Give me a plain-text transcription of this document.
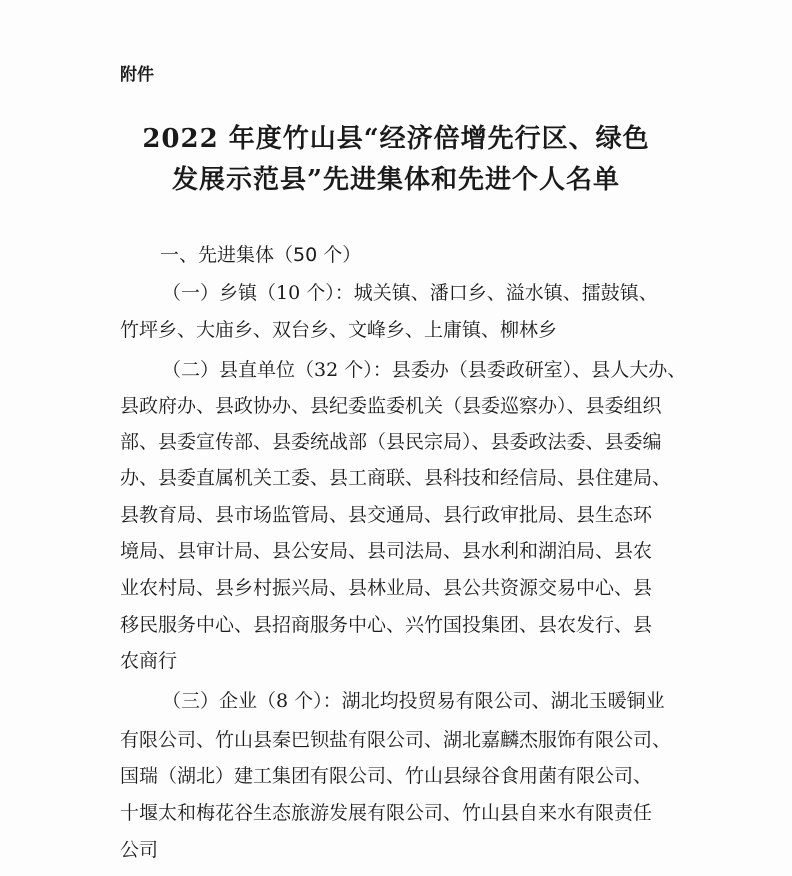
附件
2022 年度竹山县“经济倍增先行区、绿色
发展示范县”先进集体和先进个人名单
一、先进集体（50 个）
（一）乡镇（10 个）：城关镇、潘口乡、溢水镇、擂鼓镇、
竹坪乡、大庙乡、双台乡、文峰乡、上庸镇、柳林乡
（二）县直单位（32 个）：县委办（县委政研室）、县人大办、
县政府办、县政协办、县纪委监委机关（县委巡察办）、县委组织
部、县委宣传部、县委统战部（县民宗局）、县委政法委、县委编
办、县委直属机关工委、县工商联、县科技和经信局、县住建局、
县教育局、县市场监管局、县交通局、县行政审批局、县生态环
境局、县审计局、县公安局、县司法局、县水利和湖泊局、县农
业农村局、县乡村振兴局、县林业局、县公共资源交易中心、县
移民服务中心、县招商服务中心、兴竹国投集团、县农发行、县
农商行
（三）企业（8 个）：湖北均投贸易有限公司、湖北玉暖铜业
有限公司、竹山县秦巴钡盐有限公司、湖北嘉麟杰服饰有限公司、
国瑞（湖北）建工集团有限公司、竹山县绿谷食用菌有限公司、
十堰太和梅花谷生态旅游发展有限公司、竹山县自来水有限责任
公司
